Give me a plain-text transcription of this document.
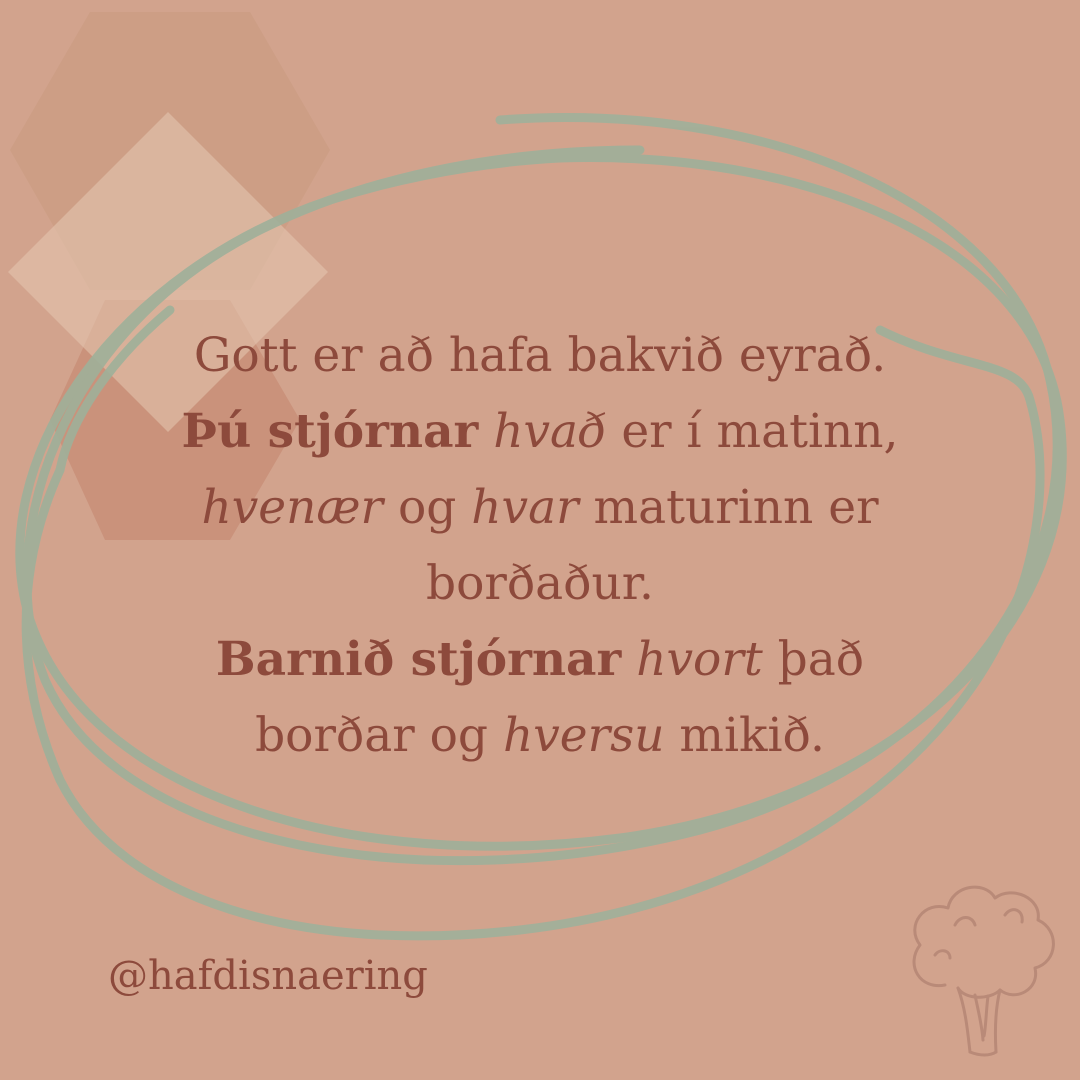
Gott er að hafa bakvið eyrað.
Þú stjórnar hvað er í matinn,
hvenær og hvar maturinn er
borðaður.
Barnið stjórnar hvort það
borðar og hversu mikið.
@hafdisnaering
